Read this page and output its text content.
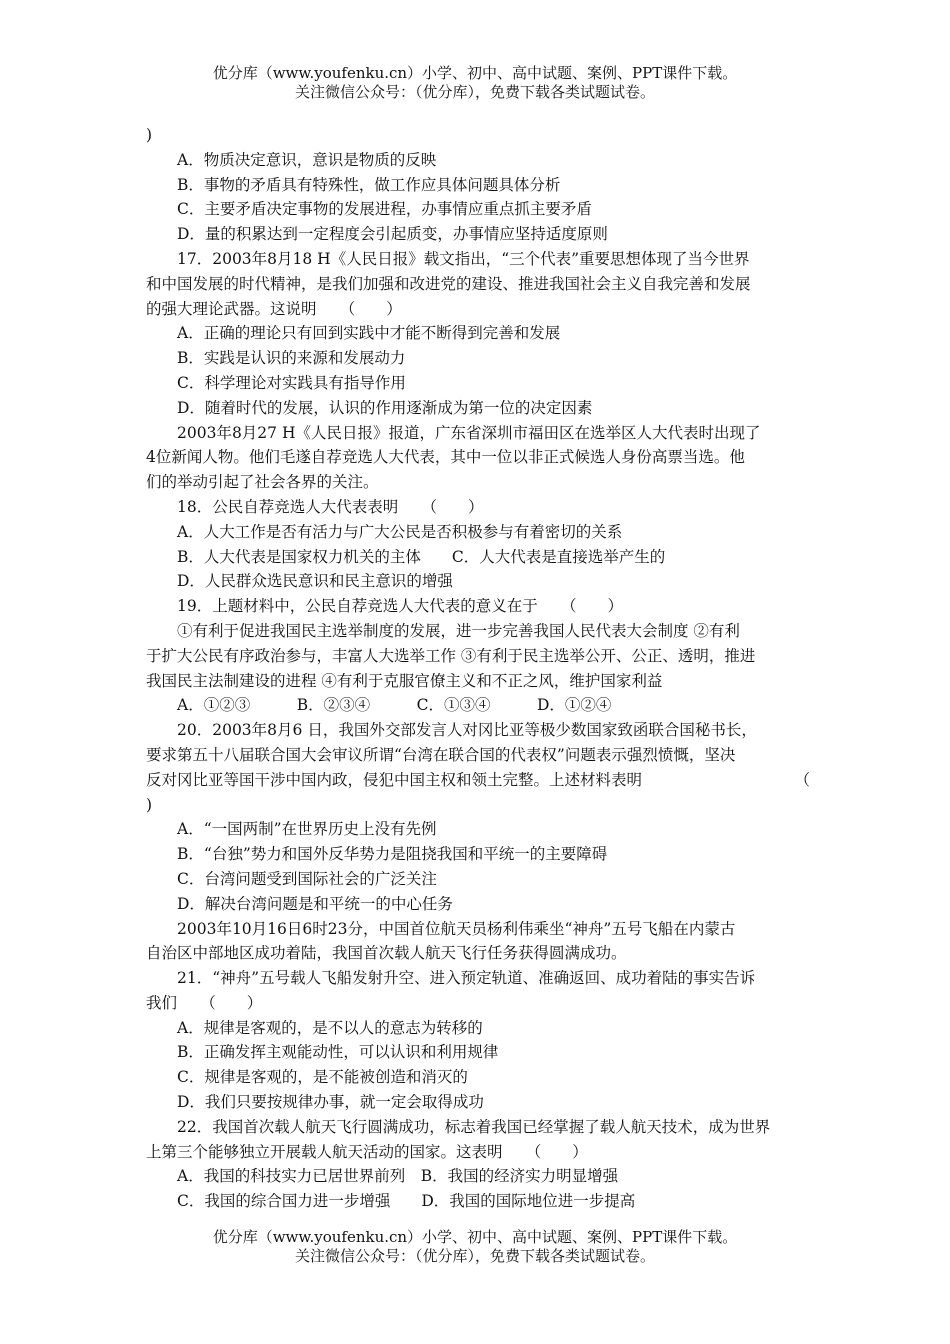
优分库（www.youfenku.cn）小学、初中、高中试题、案例、PPT课件下载。
关注微信公众号：（优分库），免费下载各类试题试卷。
)
A．物质决定意识，意识是物质的反映
B．事物的矛盾具有特殊性，做工作应具体问题具体分析
C．主要矛盾决定事物的发展进程，办事情应重点抓主要矛盾
D．量的积累达到一定程度会引起质变，办事情应坚持适度原则
17．2003年8月18 H《人民日报》载文指出，“三个代表”重要思想体现了当今世界
和中国发展的时代精神，是我们加强和改进党的建设、推进我国社会主义自我完善和发展
的强大理论武器。这说明　　（　　）
A．正确的理论只有回到实践中才能不断得到完善和发展
B．实践是认识的来源和发展动力
C．科学理论对实践具有指导作用
D．随着时代的发展，认识的作用逐渐成为第一位的决定因素
2003年8月27 H《人民日报》报道，广东省深圳市福田区在选举区人大代表时出现了
4位新闻人物。他们毛遂自荐竞选人大代表，其中一位以非正式候选人身份高票当选。他
们的举动引起了社会各界的关注。
18．公民自荐竞选人大代表表明　　（　　）
A．人大工作是否有活力与广大公民是否积极参与有着密切的关系
B．人大代表是国家权力机关的主体　　C．人大代表是直接选举产生的
D．人民群众选民意识和民主意识的增强
19．上题材料中，公民自荐竞选人大代表的意义在于　　（　　）
①有利于促进我国民主选举制度的发展，进一步完善我国人民代表大会制度 ②有利
于扩大公民有序政治参与，丰富人大选举工作 ③有利于民主选举公开、公正、透明，推进
我国民主法制建设的进程 ④有利于克服官僚主义和不正之风，维护国家利益
A．①②③　　　B．②③④　　　C．①③④　　　D．①②④
20．2003年8月6 日，我国外交部发言人对冈比亚等极少数国家致函联合国秘书长，
要求第五十八届联合国大会审议所谓“台湾在联合国的代表权”问题表示强烈愤慨，坚决
反对冈比亚等国干涉中国内政，侵犯中国主权和领土完整。上述材料表明	（
)
A．“一国两制”在世界历史上没有先例
B．“台独”势力和国外反华势力是阻挠我国和平统一的主要障碍
C．台湾问题受到国际社会的广泛关注
D．解决台湾问题是和平统一的中心任务
2003年10月16日6时23分，中国首位航天员杨利伟乘坐“神舟”五号飞船在内蒙古
自治区中部地区成功着陆，我国首次载人航天飞行任务获得圆满成功。
21．“神舟”五号载人飞船发射升空、进入预定轨道、准确返回、成功着陆的事实告诉
我们　　（　　）
A．规律是客观的，是不以人的意志为转移的
B．正确发挥主观能动性，可以认识和利用规律
C．规律是客观的，是不能被创造和消灭的
D．我们只要按规律办事，就一定会取得成功
22．我国首次载人航天飞行圆满成功，标志着我国已经掌握了载人航天技术，成为世界
上第三个能够独立开展载人航天活动的国家。这表明　　（　　）
A．我国的科技实力已居世界前列　B．我国的经济实力明显增强
C．我国的综合国力进一步增强　　D．我国的国际地位进一步提高
优分库（www.youfenku.cn）小学、初中、高中试题、案例、PPT课件下载。
关注微信公众号：（优分库），免费下载各类试题试卷。
